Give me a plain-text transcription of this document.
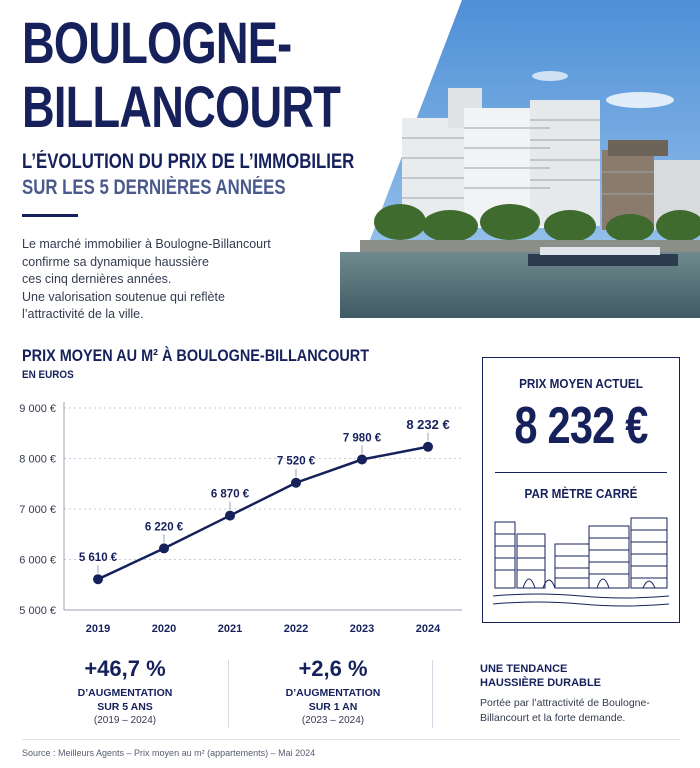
BOULOGNE-
BILLANCOURT
L’ÉVOLUTION DU PRIX DE L’IMMOBILIER
SUR LES 5 DERNIÈRES ANNÉES
Le marché immobilier à Boulogne-Billancourt
confirme sa dynamique haussière
ces cinq dernières années.
Une valorisation soutenue qui reflète
l’attractivité de la ville.
PRIX MOYEN AU M² À BOULOGNE-BILLANCOURT
EN EUROS
5 000 €
6 000 €
7 000 €
8 000 €
9 000 €
2019	2020	2021	2022	2023	2024
5 610 €
6 220 €
6 870 €
7 520 €
7 980 €
8 232 €
PRIX MOYEN ACTUEL
8 232 €
PAR MÈTRE CARRÉ
+46,7 %
D’AUGMENTATION
SUR 5 ANS
(2019 – 2024)
+2,6 %
D’AUGMENTATION
SUR 1 AN
(2023 – 2024)
UNE TENDANCE
HAUSSIÈRE DURABLE
Portée par l’attractivité de Boulogne-
Billancourt et la forte demande.
Source : Meilleurs Agents – Prix moyen au m² (appartements) – Mai 2024
